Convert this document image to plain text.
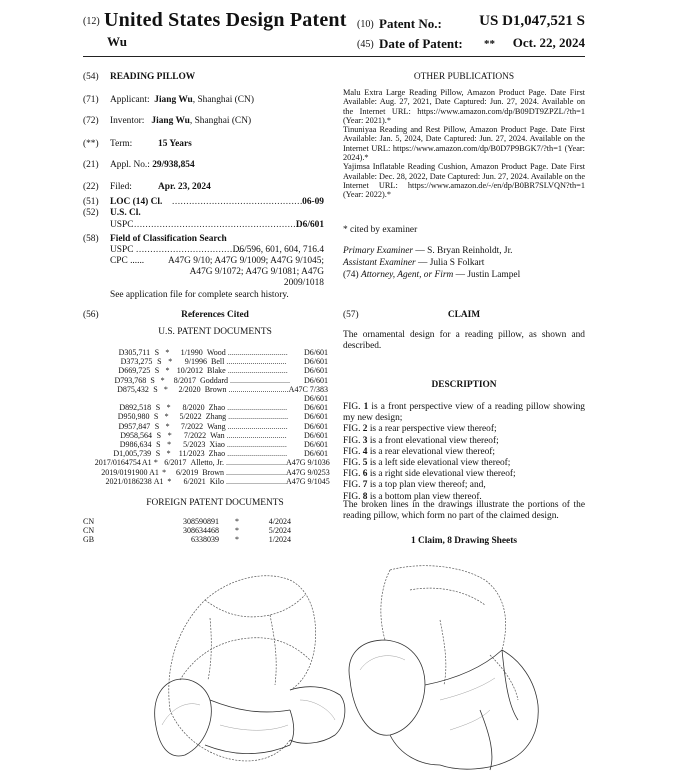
(12) United States Design Patent
Wu
(10) Patent No.:	US D1,047,521 S
(45) Date of Patent: **	Oct. 22, 2024
(54) READING PILLOW
(71) Applicant: Jiang Wu, Shanghai (CN)
(72) Inventor: Jiang Wu, Shanghai (CN)
(**) Term:	15 Years
(21) Appl. No.: 29/938,854
(22) Filed:	Apr. 23, 2024
(51) LOC (14) Cl. .............................................. 06-09
(52) U.S. Cl.
USPC ..........................................................
D6/601
(58) Field of Classification Search
USPC ......................................
D6/596, 601, 604, 716.4
CPC ......	A47G 9/10; A47G 9/1009; A47G 9/1045;
A47G 9/1072; A47G 9/1081; A47G
2009/1018
See application file for complete search history.
(56)	References Cited
U.S. PATENT DOCUMENTS
D305,711 S *	1/1990 Wood ..............................	D6/601
D373,275 S *	9/1996 Bell ..............................	D6/601
D669,725 S * 10/2012 Blake ..............................	D6/601
D793,768 S *	8/2017 Goddard ..............................	D6/601
D875,432 S *	2/2020 Brown .............................. A47C 7/383
D6/601
D892,518 S *	8/2020 Zhao ..............................	D6/601
D950,980 S *	5/2022 Zhang ..............................	D6/601
D957,847 S *	7/2022 Wang ..............................	D6/601
D958,564 S *	7/2022 Wan ..............................	D6/601
D986,634 S *	5/2023 Xiao ..............................	D6/601
D1,005,739 S *	11/2023 Zhao ..............................	D6/601
2017/0164754 A1 * 6/2017 Alletto, Jr. .............................. A47G 9/1036
2019/0191900 A1 *	6/2019 Brown .............................. A47G 9/0253
2021/0186238 A1 *	6/2021 Kilo .............................. A47G 9/1045
FOREIGN PATENT DOCUMENTS
CN	308590891	*	4/2024
CN	308634468	*	5/2024
GB	6338039	*	1/2024
OTHER PUBLICATIONS

Malu Extra Large Reading Pillow, Amazon Product Page. Date First Available: Aug. 27, 2021, Date Captured: Jun. 27, 2024. Available on the Internet URL: https://www.amazon.com/dp/B09DT9ZPZL/?th=1 (Year: 2021).*

Tinuniyaa Reading and Rest Pillow, Amazon Product Page. Date First Available: Jan. 5, 2024, Date Captured: Jun. 27, 2024. Available on the Internet URL: https://www.amazon.com/dp/B0D7P9BGK7/?th=1 (Year: 2024).*

Yajimsa Inflatable Reading Cushion, Amazon Product Page. Date First Available: Dec. 28, 2022, Date Captured: Jun. 27, 2024. Available on the Internet URL: https://www.amazon.de/-/en/dp/B0BR7SLVQN?th=1 (Year: 2022).*

* cited by examiner
Primary Examiner — S. Bryan Reinholdt, Jr.
Assistant Examiner — Julia S Folkart
(74) Attorney, Agent, or Firm — Justin Lampel
(57)	CLAIM
The ornamental design for a reading pillow, as shown and described.
DESCRIPTION

FIG. 1 is a front perspective view of a reading pillow showing my new design;

FIG. 2 is a rear perspective view thereof;

FIG. 3 is a front elevational view thereof;

FIG. 4 is a rear elevational view thereof;

FIG. 5 is a left side elevational view thereof;

FIG. 6 is a right side elevational view thereof;

FIG. 7 is a top plan view thereof; and,

FIG. 8 is a bottom plan view thereof.

The broken lines in the drawings illustrate the portions of the reading pillow, which form no part of the claimed design.
1 Claim, 8 Drawing Sheets
